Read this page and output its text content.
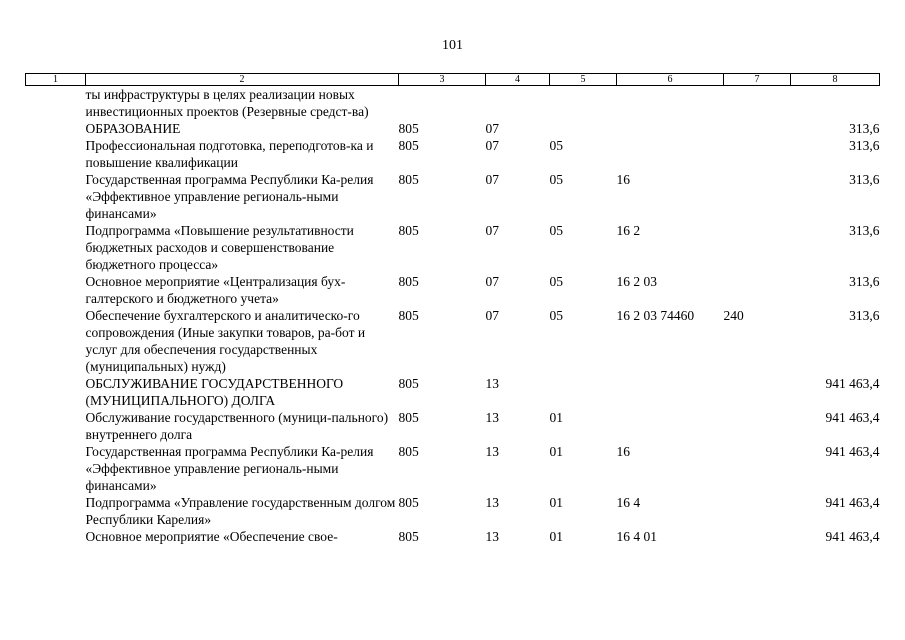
101
1	2	3	4	5	6	7	8
	ты инфраструктуры в целях реализации новых инвестиционных проектов (Резервные средст-ва)						
	ОБРАЗОВАНИЕ	805	07				313,6
	Профессиональная подготовка, переподготов-ка и повышение квалификации	805	07	05			313,6
	Государственная программа Республики Ка-релия «Эффективное управление региональ-ными финансами»	805	07	05	16		313,6
	Подпрограмма «Повышение результативности бюджетных расходов и совершенствование бюджетного процесса»	805	07	05	16 2		313,6
	Основное мероприятие «Централизация бух-галтерского и бюджетного учета»	805	07	05	16 2 03		313,6
	Обеспечение бухгалтерского и аналитическо-го сопровождения (Иные закупки товаров, ра-бот и услуг для обеспечения государственных (муниципальных) нужд)	805	07	05	16 2 03 74460	240	313,6
	ОБСЛУЖИВАНИЕ ГОСУДАРСТВЕННОГО (МУНИЦИПАЛЬНОГО) ДОЛГА	805	13				941 463,4
	Обслуживание государственного (муници-пального) внутреннего долга	805	13	01			941 463,4
	Государственная программа Республики Ка-релия «Эффективное управление региональ-ными финансами»	805	13	01	16		941 463,4
	Подпрограмма «Управление государственным долгом Республики Карелия»	805	13	01	16 4		941 463,4
	Основное мероприятие «Обеспечение свое-	805	13	01	16 4 01		941 463,4
